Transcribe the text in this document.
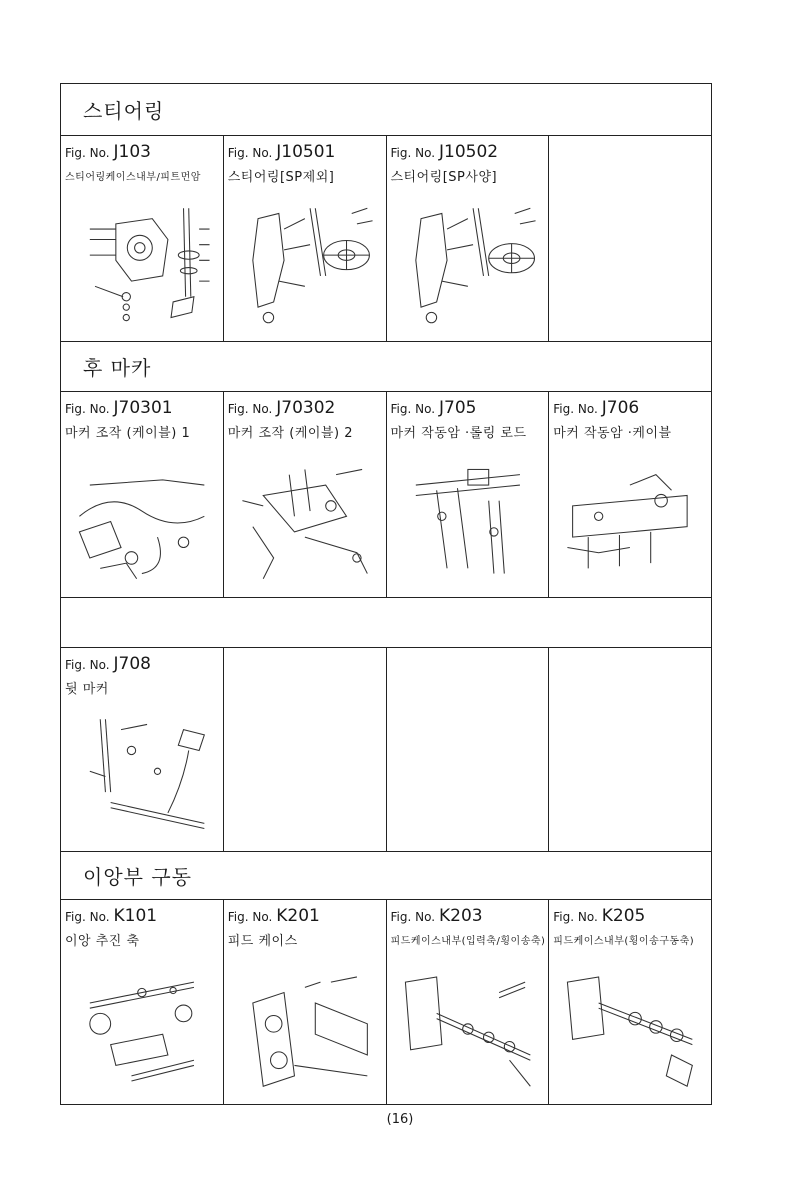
스티어링
Fig. No. J103
스티어링케이스내부/피트먼암
Fig. No. J10501
스티어링[SP제외]
Fig. No. J10502
스티어링[SP사양]
후 마카
Fig. No. J70301
마커 조작 (케이블) 1
Fig. No. J70302
마커 조작 (케이블) 2
Fig. No. J705
마커 작동암 ·롤링 로드
Fig. No. J706
마커 작동암 ·케이블
Fig. No. J708
뒷 마커
이앙부 구동
Fig. No. K101
이앙 추진 축
Fig. No. K201
피드 케이스
Fig. No. K203
피드케이스내부(입력축/횡이송축)
Fig. No. K205
피드케이스내부(횡이송구동축)
(16)
